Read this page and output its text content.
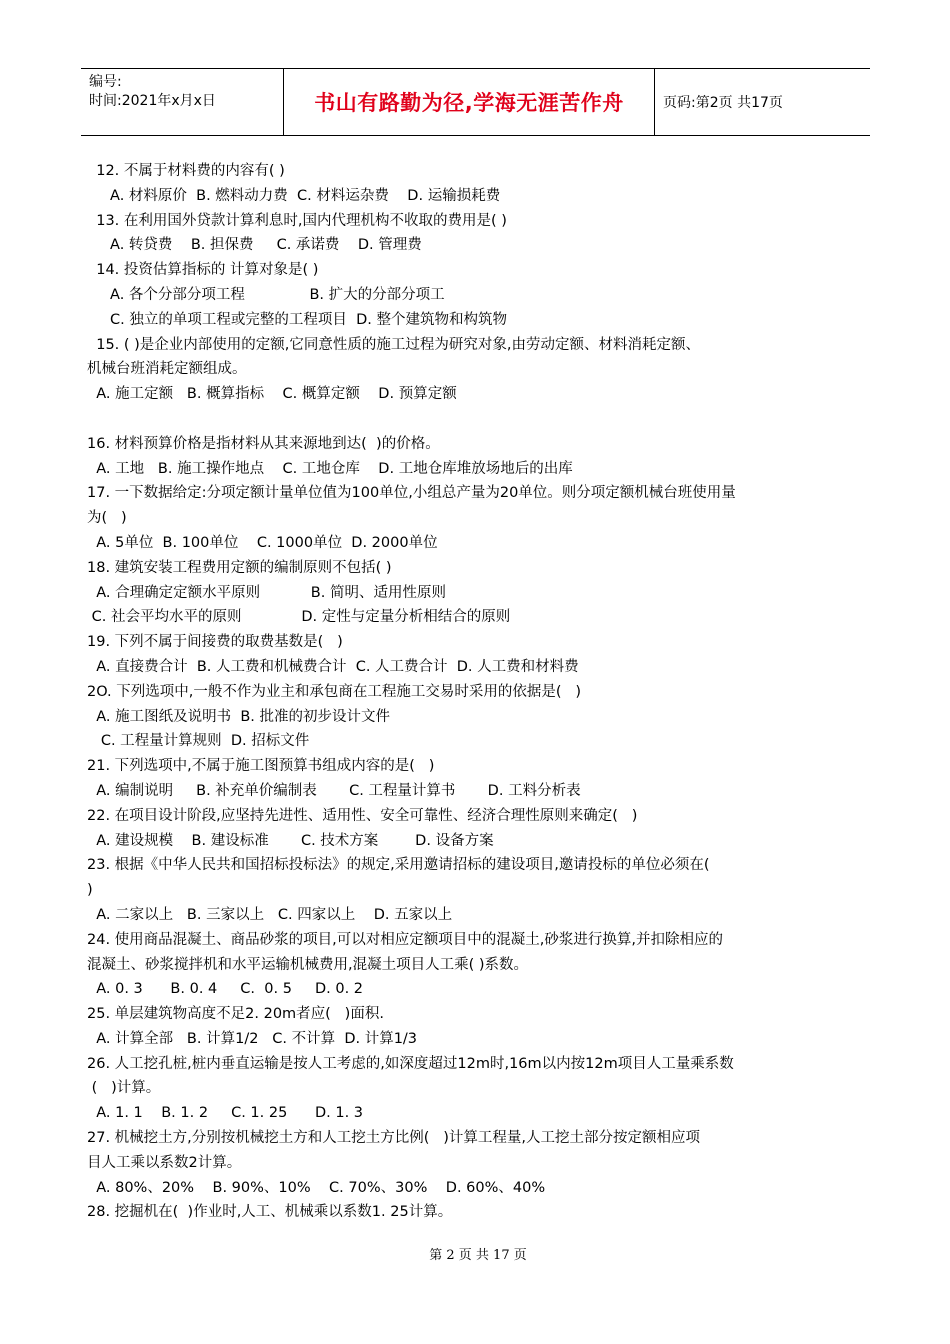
编号:
时间:2021年x月x日	书山有路勤为径,学海无涯苦作舟	页码:第2页 共17页
12. 不属于材料费的内容有( )
A. 材料原价  B. 燃料动力费  C. 材料运杂费    D. 运输损耗费
13. 在利用国外贷款计算利息时,国内代理机构不收取的费用是( )
A. 转贷费    B. 担保费     C. 承诺费    D. 管理费
14. 投资估算指标的 计算对象是( )
A. 各个分部分项工程              B. 扩大的分部分项工
C. 独立的单项工程或完整的工程项目  D. 整个建筑物和构筑物
15. ( )是企业内部使用的定额,它同意性质的施工过程为研究对象,由劳动定额、材料消耗定额、
机械台班消耗定额组成。
A. 施工定额   B. 概算指标    C. 概算定额    D. 预算定额
16. 材料预算价格是指材料从其来源地到达(  )的价格。
A. 工地   B. 施工操作地点    C. 工地仓库    D. 工地仓库堆放场地后的出库
17. 一下数据给定:分项定额计量单位值为100单位,小组总产量为20单位。则分项定额机械台班使用量
为(   )
A. 5单位  B. 100单位    C. 1000单位  D. 2000单位
18. 建筑安装工程费用定额的编制原则不包括( )
A. 合理确定定额水平原则           B. 简明、适用性原则
C. 社会平均水平的原则             D. 定性与定量分析相结合的原则
19. 下列不属于间接费的取费基数是(   )
A. 直接费合计  B. 人工费和机械费合计  C. 人工费合计  D. 人工费和材料费
2O. 下列选项中,一般不作为业主和承包商在工程施工交易时采用的依据是(   )
A. 施工图纸及说明书  B. 批准的初步设计文件
C. 工程量计算规则  D. 招标文件
21. 下列选项中,不属于施工图预算书组成内容的是(   )
A. 编制说明     B. 补充单价编制表       C. 工程量计算书       D. 工料分析表
22. 在项目设计阶段,应坚持先进性、适用性、安全可靠性、经济合理性原则来确定(   )
A. 建设规模    B. 建设标准       C. 技术方案        D. 设备方案
23. 根据《中华人民共和国招标投标法》的规定,采用邀请招标的建设项目,邀请投标的单位必须在(
)
A. 二家以上   B. 三家以上   C. 四家以上    D. 五家以上
24. 使用商品混凝土、商品砂浆的项目,可以对相应定额项目中的混凝土,砂浆进行换算,并扣除相应的
混凝土、砂浆搅拌机和水平运输机械费用,混凝土项目人工乘( )系数。
A. 0. 3      B. 0. 4     C.  0. 5     D. 0. 2
25. 单层建筑物高度不足2. 20m者应(   )面积.
A. 计算全部   B. 计算1/2   C. 不计算  D. 计算1/3
26. 人工挖孔桩,桩内垂直运输是按人工考虑的,如深度超过12m时,16m以内按12m项目人工量乘系数
(   )计算。
A. 1. 1    B. 1. 2     C. 1. 25      D. 1. 3
27. 机械挖土方,分别按机械挖土方和人工挖土方比例(   )计算工程量,人工挖土部分按定额相应项
目人工乘以系数2计算。
A. 80%、20%    B. 90%、10%    C. 70%、30%    D. 60%、40%
28. 挖掘机在(  )作业时,人工、机械乘以系数1. 25计算。
第 2 页 共 17 页
